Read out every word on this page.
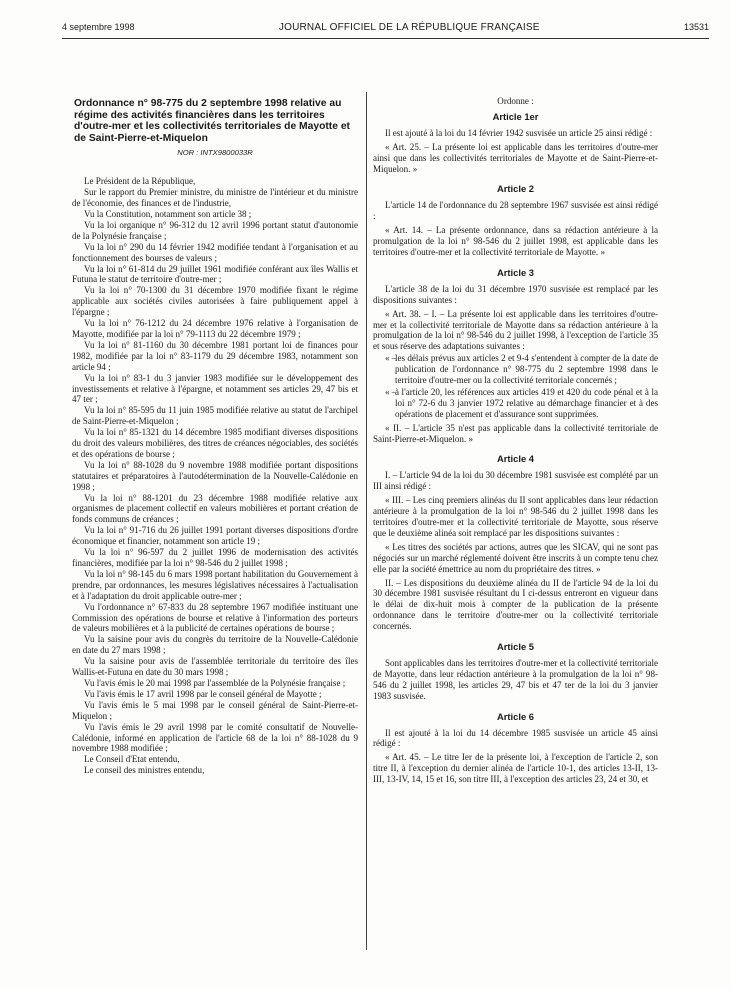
4 septembre 1998	JOURNAL OFFICIEL DE LA RÉPUBLIQUE FRANÇAISE	13531
Ordonnance n° 98-775 du 2 septembre 1998 relative au régime des activités financières dans les territoires d'outre-mer et les collectivités territoriales de Mayotte et de Saint-Pierre-et-Miquelon
NOR : INTX9800033R

Le Président de la République,

Sur le rapport du Premier ministre, du ministre de l'intérieur et du ministre de l'économie, des finances et de l'industrie,

Vu la Constitution, notamment son article 38 ;

Vu la loi organique n° 96-312 du 12 avril 1996 portant statut d'autonomie de la Polynésie française ;

Vu la loi n° 290 du 14 février 1942 modifiée tendant à l'organisation et au fonctionnement des bourses de valeurs ;

Vu la loi n° 61-814 du 29 juillet 1961 modifiée conférant aux îles Wallis et Futuna le statut de territoire d'outre-mer ;

Vu la loi n° 70-1300 du 31 décembre 1970 modifiée fixant le régime applicable aux sociétés civiles autorisées à faire publiquement appel à l'épargne ;

Vu la loi n° 76-1212 du 24 décembre 1976 relative à l'organisation de Mayotte, modifiée par la loi n° 79-1113 du 22 décembre 1979 ;

Vu la loi n° 81-1160 du 30 décembre 1981 portant loi de finances pour 1982, modifiée par la loi n° 83-1179 du 29 décembre 1983, notamment son article 94 ;

Vu la loi n° 83-1 du 3 janvier 1983 modifiée sur le développement des investissements et relative à l'épargne, et notamment ses articles 29, 47 bis et 47 ter ;

Vu la loi n° 85-595 du 11 juin 1985 modifiée relative au statut de l'archipel de Saint-Pierre-et-Miquelon ;

Vu la loi n° 85-1321 du 14 décembre 1985 modifiant diverses dispositions du droit des valeurs mobilières, des titres de créances négociables, des sociétés et des opérations de bourse ;

Vu la loi n° 88-1028 du 9 novembre 1988 modifiée portant dispositions statutaires et préparatoires à l'autodétermination de la Nouvelle-Calédonie en 1998 ;

Vu la loi n° 88-1201 du 23 décembre 1988 modifiée relative aux organismes de placement collectif en valeurs mobilières et portant création de fonds communs de créances ;

Vu la loi n° 91-716 du 26 juillet 1991 portant diverses dispositions d'ordre économique et financier, notamment son article 19 ;

Vu la loi n° 96-597 du 2 juillet 1996 de modernisation des activités financières, modifiée par la loi n° 98-546 du 2 juillet 1998 ;

Vu la loi n° 98-145 du 6 mars 1998 portant habilitation du Gouvernement à prendre, par ordonnances, les mesures législatives nécessaires à l'actualisation et à l'adaptation du droit applicable outre-mer ;

Vu l'ordonnance n° 67-833 du 28 septembre 1967 modifiée instituant une Commission des opérations de bourse et relative à l'information des porteurs de valeurs mobilières et à la publicité de certaines opérations de bourse ;

Vu la saisine pour avis du congrès du territoire de la Nouvelle-Calédonie en date du 27 mars 1998 ;

Vu la saisine pour avis de l'assemblée territoriale du territoire des îles Wallis-et-Futuna en date du 30 mars 1998 ;

Vu l'avis émis le 20 mai 1998 par l'assemblée de la Polynésie française ;

Vu l'avis émis le 17 avril 1998 par le conseil général de Mayotte ;

Vu l'avis émis le 5 mai 1998 par le conseil général de Saint-Pierre-et-Miquelon ;

Vu l'avis émis le 29 avril 1998 par le comité consultatif de Nouvelle-Calédonie, informé en application de l'article 68 de la loi n° 88-1028 du 9 novembre 1988 modifiée ;

Le Conseil d'Etat entendu,

Le conseil des ministres entendu,

Ordonne :

Article 1er

Il est ajouté à la loi du 14 février 1942 susvisée un article 25 ainsi rédigé :

« Art. 25. – La présente loi est applicable dans les territoires d'outre-mer ainsi que dans les collectivités territoriales de Mayotte et de Saint-Pierre-et-Miquelon. »

Article 2

L'article 14 de l'ordonnance du 28 septembre 1967 susvisée est ainsi rédigé :

« Art. 14. – La présente ordonnance, dans sa rédaction antérieure à la promulgation de la loi n° 98-546 du 2 juillet 1998, est applicable dans les territoires d'outre-mer et la collectivité territoriale de Mayotte. »

Article 3

L'article 38 de la loi du 31 décembre 1970 susvisée est remplacé par les dispositions suivantes :

« Art. 38. – I. – La présente loi est applicable dans les territoires d'outre-mer et la collectivité territoriale de Mayotte dans sa rédaction antérieure à la promulgation de la loi n° 98-546 du 2 juillet 1998, à l'exception de l'article 35 et sous réserve des adaptations suivantes :

« –
les délais prévus aux articles 2 et 9-4 s'entendent à compter de la date de publication de l'ordonnance n° 98-775 du 2 septembre 1998 dans le territoire d'outre-mer ou la collectivité territoriale concernés ;
« –
à l'article 20, les références aux articles 419 et 420 du code pénal et à la loi n° 72-6 du 3 janvier 1972 relative au démarchage financier et à des opérations de placement et d'assurance sont supprimées.

« II. – L'article 35 n'est pas applicable dans la collectivité territoriale de Saint-Pierre-et-Miquelon. »

Article 4

I. – L'article 94 de la loi du 30 décembre 1981 susvisée est complété par un III ainsi rédigé :

« III. – Les cinq premiers alinéas du II sont applicables dans leur rédaction antérieure à la promulgation de la loi n° 98-546 du 2 juillet 1998 dans les territoires d'outre-mer et la collectivité territoriale de Mayotte, sous réserve que le deuxième alinéa soit remplacé par les dispositions suivantes :

« Les titres des sociétés par actions, autres que les SICAV, qui ne sont pas négociés sur un marché réglementé doivent être inscrits à un compte tenu chez elle par la société émettrice au nom du propriétaire des titres. »

II. – Les dispositions du deuxième alinéa du II de l'article 94 de la loi du 30 décembre 1981 susvisée résultant du I ci-dessus entreront en vigueur dans le délai de dix-huit mois à compter de la publication de la présente ordonnance dans le territoire d'outre-mer ou la collectivité territoriale concernés.

Article 5

Sont applicables dans les territoires d'outre-mer et la collectivité territoriale de Mayotte, dans leur rédaction antérieure à la promulgation de la loi n° 98-546 du 2 juillet 1998, les articles 29, 47 bis et 47 ter de la loi du 3 janvier 1983 susvisée.

Article 6

Il est ajouté à la loi du 14 décembre 1985 susvisée un article 45 ainsi rédigé :

« Art. 45. – Le titre Ier de la présente loi, à l'exception de l'article 2, son titre II, à l'exception du dernier alinéa de l'article 10-1, des articles 13-II, 13-III, 13-IV, 14, 15 et 16, son titre III, à l'exception des articles 23, 24 et 30, et
